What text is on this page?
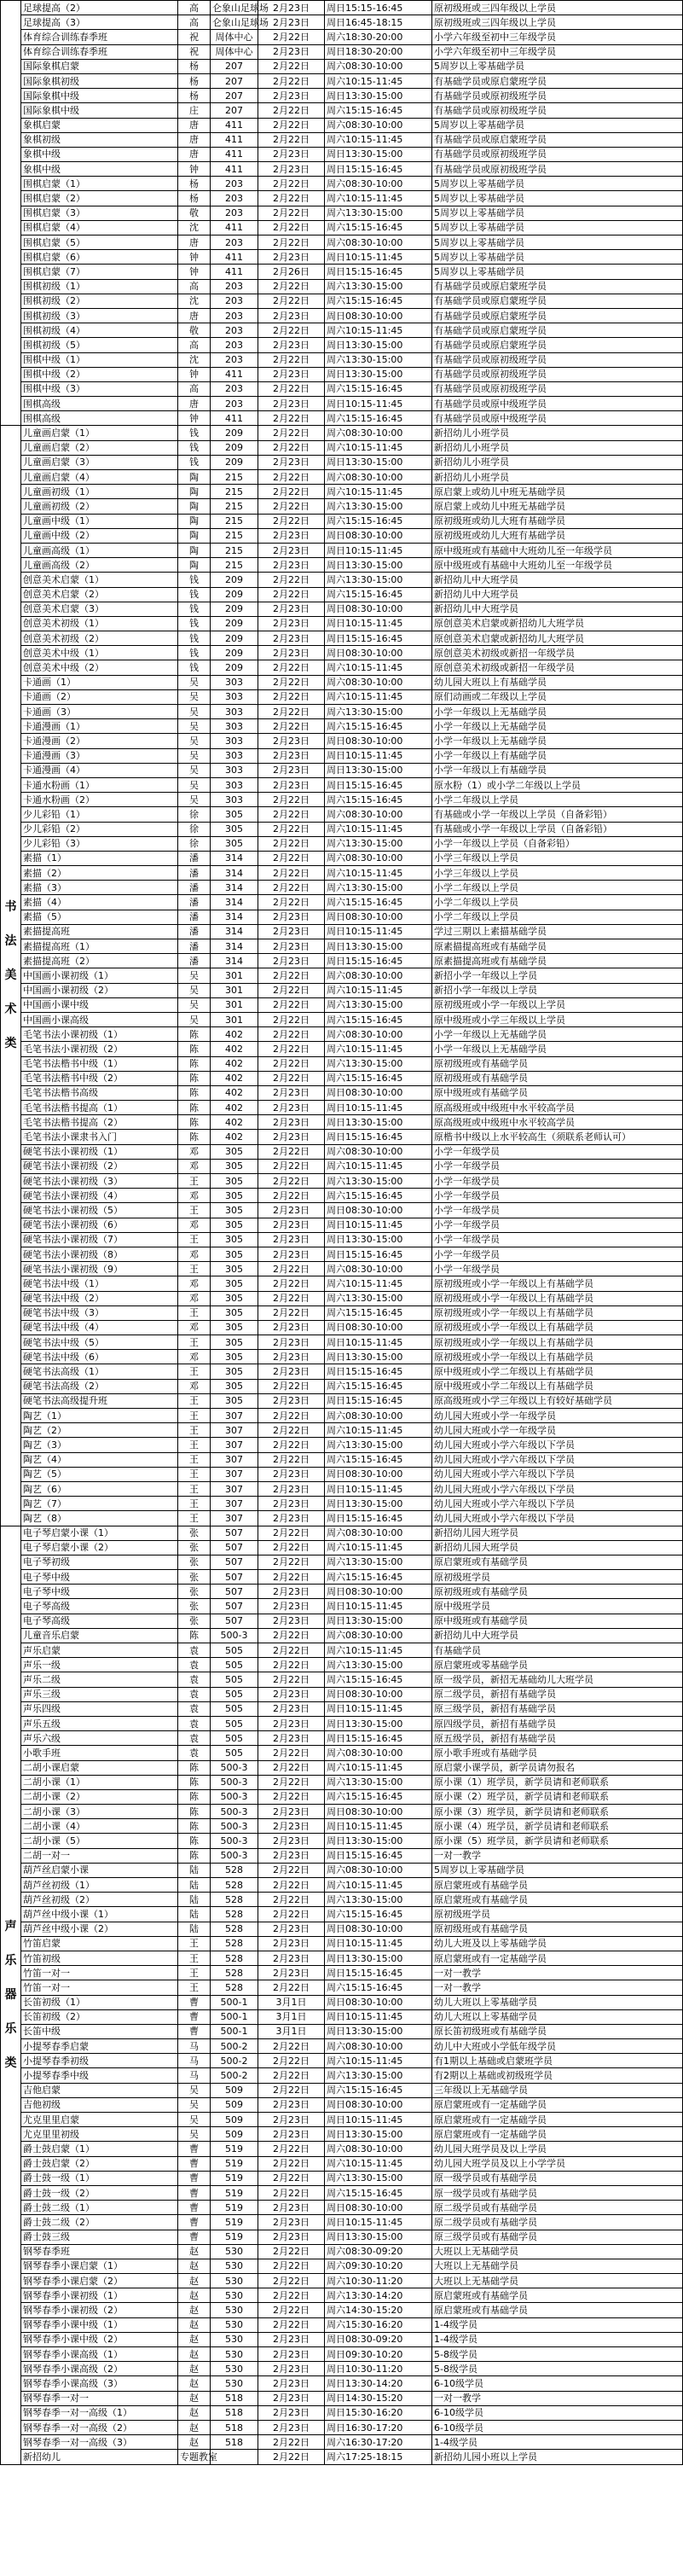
	足球提高（2）	高	仑象山足球场	2月23日	周日15:15-16:45	原初级班或三四年级以上学员
	足球提高（3）	高	仑象山足球场	2月23日	周日16:45-18:15	原初级班或三四年级以上学员
	体育综合训练春季班	祝	周体中心	2月22日	周六18:30-20:00	小学六年级至初中三年级学员
	体育综合训练春季班	祝	周体中心	2月23日	周日18:30-20:00	小学六年级至初中三年级学员
	国际象棋启蒙	杨	207	2月22日	周六08:30-10:00	5周岁以上零基础学员
	国际象棋初级	杨	207	2月22日	周六10:15-11:45	有基础学员或原启蒙班学员
	国际象棋中级	杨	207	2月23日	周日13:30-15:00	有基础学员或原初级班学员
	国际象棋中级	庄	207	2月22日	周六15:15-16:45	有基础学员或原初级班学员
	象棋启蒙	唐	411	2月22日	周六08:30-10:00	5周岁以上零基础学员
	象棋初级	唐	411	2月22日	周六10:15-11:45	有基础学员或原启蒙班学员
	象棋中级	唐	411	2月23日	周日13:30-15:00	有基础学员或原初级班学员
	象棋中级	钟	411	2月23日	周日15:15-16:45	有基础学员或原初级班学员
	围棋启蒙（1）	杨	203	2月22日	周六08:30-10:00	5周岁以上零基础学员
	围棋启蒙（2）	杨	203	2月22日	周六10:15-11:45	5周岁以上零基础学员
	围棋启蒙（3）	敬	203	2月22日	周六13:30-15:00	5周岁以上零基础学员
	围棋启蒙（4）	沈	411	2月22日	周六15:15-16:45	5周岁以上零基础学员
	围棋启蒙（5）	唐	203	2月22日	周六08:30-10:00	5周岁以上零基础学员
	围棋启蒙（6）	钟	411	2月23日	周日10:15-11:45	5周岁以上零基础学员
	围棋启蒙（7）	钟	411	2月26日	周日15:15-16:45	5周岁以上零基础学员
	围棋初级（1）	高	203	2月22日	周六13:30-15:00	有基础学员或原启蒙班学员
	围棋初级（2）	沈	203	2月22日	周六15:15-16:45	有基础学员或原启蒙班学员
	围棋初级（3）	唐	203	2月23日	周日08:30-10:00	有基础学员或原启蒙班学员
	围棋初级（4）	敬	203	2月22日	周六10:15-11:45	有基础学员或原启蒙班学员
	围棋初级（5）	高	203	2月23日	周日13:30-15:00	有基础学员或原启蒙班学员
	围棋中级（1）	沈	203	2月22日	周六13:30-15:00	有基础学员或原初级班学员
	围棋中级（2）	钟	411	2月23日	周日13:30-15:00	有基础学员或原初级班学员
	围棋中级（3）	高	203	2月22日	周六15:15-16:45	有基础学员或原初级班学员
	围棋高级	唐	203	2月23日	周日10:15-11:45	有基础学员或原中级班学员
	围棋高级	钟	411	2月22日	周六15:15-16:45	有基础学员或原中级班学员

书
法
美
术
类	儿童画启蒙（1）	钱	209	2月22日	周六08:30-10:00	新招幼儿小班学员
	儿童画启蒙（2）	钱	209	2月22日	周六10:15-11:45	新招幼儿小班学员
	儿童画启蒙（3）	钱	209	2月23日	周日13:30-15:00	新招幼儿小班学员
	儿童画启蒙（4）	陶	215	2月22日	周六08:30-10:00	新招幼儿小班学员
	儿童画初级（1）	陶	215	2月22日	周六10:15-11:45	原启蒙上或幼儿中班无基础学员
	儿童画初级（2）	陶	215	2月22日	周六13:30-15:00	原启蒙上或幼儿中班无基础学员
	儿童画中级（1）	陶	215	2月22日	周六15:15-16:45	原初级班或幼儿大班有基础学员
	儿童画中级（2）	陶	215	2月23日	周日08:30-10:00	原初级班或幼儿大班有基础学员
	儿童画高级（1）	陶	215	2月23日	周日10:15-11:45	原中级班或有基础中大班幼儿至一年级学员
	儿童画高级（2）	陶	215	2月23日	周日13:30-15:00	原中级班或有基础中大班幼儿至一年级学员
	创意美术启蒙（1）	钱	209	2月22日	周六13:30-15:00	新招幼儿中大班学员
	创意美术启蒙（2）	钱	209	2月22日	周六15:15-16:45	新招幼儿中大班学员
	创意美术启蒙（3）	钱	209	2月23日	周日08:30-10:00	新招幼儿中大班学员
	创意美术初级（1）	钱	209	2月23日	周日10:15-11:45	原创意美术启蒙或新招幼儿大班学员
	创意美术初级（2）	钱	209	2月23日	周日15:15-16:45	原创意美术启蒙或新招幼儿大班学员
	创意美术中级（1）	钱	209	2月23日	周日08:30-10:00	原创意美术初级或新招一年级学员
	创意美术中级（2）	钱	209	2月22日	周六10:15-11:45	原创意美术初级或新招一年级学员
	卡通画（1）	吴	303	2月22日	周六08:30-10:00	幼儿园大班以上有基础学员
	卡通画（2）	吴	303	2月22日	周六10:15-11:45	原们动画或二年级以上学员
	卡通画（3）	吴	303	2月22日	周六13:30-15:00	小学一年级以上无基础学员
	卡通漫画（1）	吴	303	2月22日	周六15:15-16:45	小学一年级以上无基础学员
	卡通漫画（2）	吴	303	2月23日	周日08:30-10:00	小学一年级以上无基础学员
	卡通漫画（3）	吴	303	2月23日	周日10:15-11:45	小学一年级以上有基础学员
	卡通漫画（4）	吴	303	2月23日	周日13:30-15:00	小学一年级以上有基础学员
	卡通水粉画（1）	吴	303	2月23日	周日15:15-16:45	原水粉（1）或小学二年级以上学员
	卡通水粉画（2）	吴	303	2月22日	周六15:15-16:45	小学二年级以上学员
	少儿彩铅（1）	徐	305	2月22日	周六08:30-10:00	有基础或小学一年级以上学员（自备彩铅）
	少儿彩铅（2）	徐	305	2月22日	周六10:15-11:45	有基础或小学一年级以上学员（自备彩铅）
	少儿彩铅（3）	徐	305	2月22日	周六13:30-15:00	小学一年级以上学员（自备彩铅）
	素描（1）	潘	314	2月22日	周六08:30-10:00	小学三年级以上学员
	素描（2）	潘	314	2月22日	周六10:15-11:45	小学三年级以上学员
	素描（3）	潘	314	2月22日	周六13:30-15:00	小学二年级以上学员
	素描（4）	潘	314	2月22日	周六15:15-16:45	小学二年级以上学员
	素描（5）	潘	314	2月23日	周日08:30-10:00	小学二年级以上学员
	素描提高班	潘	314	2月23日	周日10:15-11:45	学过三期以上素描基础学员
	素描提高班（1）	潘	314	2月23日	周日13:30-15:00	原素描提高班或有基础学员
	素描提高班（2）	潘	314	2月23日	周日15:15-16:45	原素描提高班或有基础学员
	中国画小课初级（1）	吴	301	2月22日	周六08:30-10:00	新招小学一年级以上学员
	中国画小课初级（2）	吴	301	2月22日	周六10:15-11:45	新招小学一年级以上学员
	中国画小课中级	吴	301	2月22日	周六13:30-15:00	原初级班或小学一年级以上学员
	中国画小课高级	吴	301	2月22日	周六15:15-16:45	原中级班或小学三年级以上学员
	毛笔书法小课初级（1）	陈	402	2月22日	周六08:30-10:00	小学一年级以上无基础学员
	毛笔书法小课初级（2）	陈	402	2月22日	周六10:15-11:45	小学一年级以上无基础学员
	毛笔书法楷书中级（1）	陈	402	2月22日	周六13:30-15:00	原初级班或有基础学员
	毛笔书法楷书中级（2）	陈	402	2月22日	周六15:15-16:45	原初级班或有基础学员
	毛笔书法楷书高级	陈	402	2月23日	周日08:30-10:00	原中级班或有基础学员
	毛笔书法楷书提高（1）	陈	402	2月23日	周日10:15-11:45	原高级班或中级班中水平较高学员
	毛笔书法楷书提高（2）	陈	402	2月23日	周日13:30-15:00	原高级班或中级班中水平较高学员
	毛笔书法小课隶书入门	陈	402	2月23日	周日15:15-16:45	原楷书中级以上水平较高生（须联系老师认可）
	硬笔书法小课初级（1）	邓	305	2月22日	周六08:30-10:00	小学一年级学员
	硬笔书法小课初级（2）	邓	305	2月22日	周六10:15-11:45	小学一年级学员
	硬笔书法小课初级（3）	王	305	2月22日	周六13:30-15:00	小学一年级学员
	硬笔书法小课初级（4）	邓	305	2月22日	周六15:15-16:45	小学一年级学员
	硬笔书法小课初级（5）	王	305	2月23日	周日08:30-10:00	小学一年级学员
	硬笔书法小课初级（6）	邓	305	2月23日	周日10:15-11:45	小学一年级学员
	硬笔书法小课初级（7）	王	305	2月23日	周日13:30-15:00	小学一年级学员
	硬笔书法小课初级（8）	邓	305	2月23日	周日15:15-16:45	小学一年级学员
	硬笔书法小课初级（9）	王	305	2月22日	周六08:30-10:00	小学一年级学员
	硬笔书法中级（1）	邓	305	2月22日	周六10:15-11:45	原初级班或小学一年级以上有基础学员
	硬笔书法中级（2）	邓	305	2月22日	周六13:30-15:00	原初级班或小学一年级以上有基础学员
	硬笔书法中级（3）	王	305	2月22日	周六15:15-16:45	原初级班或小学一年级以上有基础学员
	硬笔书法中级（4）	邓	305	2月23日	周日08:30-10:00	原初级班或小学一年级以上有基础学员
	硬笔书法中级（5）	王	305	2月23日	周日10:15-11:45	原初级班或小学一年级以上有基础学员
	硬笔书法中级（6）	邓	305	2月23日	周日13:30-15:00	原初级班或小学一年级以上有基础学员
	硬笔书法高级（1）	王	305	2月23日	周日15:15-16:45	原中级班或小学二年级以上有基础学员
	硬笔书法高级（2）	邓	305	2月22日	周六15:15-16:45	原中级班或小学二年级以上有基础学员
	硬笔书法高级提升班	王	305	2月23日	周日15:15-16:45	原高级班或小学三年级以上有较好基础学员
	陶艺（1）	王	307	2月22日	周六08:30-10:00	幼儿园大班或小学一年级学员
	陶艺（2）	王	307	2月22日	周六10:15-11:45	幼儿园大班或小学一年级学员
	陶艺（3）	王	307	2月22日	周六13:30-15:00	幼儿园大班或小学六年级以下学员
	陶艺（4）	王	307	2月22日	周六15:15-16:45	幼儿园大班或小学六年级以下学员
	陶艺（5）	王	307	2月23日	周日08:30-10:00	幼儿园大班或小学六年级以下学员
	陶艺（6）	王	307	2月23日	周日10:15-11:45	幼儿园大班或小学六年级以下学员
	陶艺（7）	王	307	2月23日	周日13:30-15:00	幼儿园大班或小学六年级以下学员
	陶艺（8）	王	307	2月23日	周日15:15-16:45	幼儿园大班或小学六年级以下学员

声
乐
器
乐
类	电子琴启蒙小课（1）	张	507	2月22日	周六08:30-10:00	新招幼儿园大班学员
	电子琴启蒙小课（2）	张	507	2月22日	周六10:15-11:45	新招幼儿园大班学员
	电子琴初级	张	507	2月22日	周六13:30-15:00	原启蒙班或有基础学员
	电子琴中级	张	507	2月22日	周六15:15-16:45	原初级班学员
	电子琴中级	张	507	2月23日	周日08:30-10:00	原初级班或有基础学员
	电子琴高级	张	507	2月23日	周日10:15-11:45	原中级班学员
	电子琴高级	张	507	2月23日	周日13:30-15:00	原中级班或有基础学员
	儿童音乐启蒙	陈	500-3	2月22日	周六08:30-10:00	新招幼儿中大班学员
	声乐启蒙	袁	505	2月22日	周六10:15-11:45	有基础学员
	声乐一级	袁	505	2月22日	周六13:30-15:00	原启蒙班或零基础学员
	声乐二级	袁	505	2月22日	周六15:15-16:45	原一级学员，新招无基础幼儿大班学员
	声乐三级	袁	505	2月23日	周日08:30-10:00	原二级学员，新招有基础学员
	声乐四级	袁	505	2月23日	周日10:15-11:45	原三级学员，新招有基础学员
	声乐五级	袁	505	2月23日	周日13:30-15:00	原四级学员，新招有基础学员
	声乐六级	袁	505	2月23日	周日15:15-16:45	原五级学员，新招有基础学员
	小歌手班	袁	505	2月22日	周六08:30-10:00	原小歌手班或有基础学员
	二胡小课启蒙	陈	500-3	2月22日	周六10:15-11:45	原启蒙小课学员，新学员请勿报名
	二胡小课（1）	陈	500-3	2月22日	周六13:30-15:00	原小课（1）班学员，新学员请和老师联系
	二胡小课（2）	陈	500-3	2月22日	周六15:15-16:45	原小课（2）班学员，新学员请和老师联系
	二胡小课（3）	陈	500-3	2月23日	周日08:30-10:00	原小课（3）班学员，新学员请和老师联系
	二胡小课（4）	陈	500-3	2月23日	周日10:15-11:45	原小课（4）班学员，新学员请和老师联系
	二胡小课（5）	陈	500-3	2月23日	周日13:30-15:00	原小课（5）班学员，新学员请和老师联系
	二胡一对一	陈	500-3	2月23日	周日15:15-16:45	一对一教学
	葫芦丝启蒙小课	陆	528	2月22日	周六08:30-10:00	5周岁以上零基础学员
	葫芦丝初级（1）	陆	528	2月22日	周六10:15-11:45	原启蒙班或有基础学员
	葫芦丝初级（2）	陆	528	2月22日	周六13:30-15:00	原启蒙班或有基础学员
	葫芦丝中级小课（1）	陆	528	2月22日	周六15:15-16:45	原初级班学员
	葫芦丝中级小课（2）	陆	528	2月23日	周日08:30-10:00	原初级班或有基础学员
	竹笛启蒙	王	528	2月23日	周日10:15-11:45	幼儿大班及以上零基础学员
	竹笛初级	王	528	2月23日	周日13:30-15:00	原启蒙班或有一定基础学员
	竹笛一对一	王	528	2月23日	周日15:15-16:45	一对一教学
	竹笛一对一	王	528	2月22日	周六15:15-16:45	一对一教学
	长笛初级（1）	曹	500-1	3月1日	周日08:30-10:00	幼儿大班以上零基础学员
	长笛初级（2）	曹	500-1	3月1日	周日10:15-11:45	幼儿大班以上零基础学员
	长笛中级	曹	500-1	3月1日	周日13:30-15:00	原长笛初级班或有基础学员
	小提琴春季启蒙	马	500-2	2月22日	周六08:30-10:00	幼儿中大班或小学低年级学员
	小提琴春季初级	马	500-2	2月22日	周六10:15-11:45	有1期以上基础或启蒙班学员
	小提琴春季中级	马	500-2	2月22日	周六13:30-15:00	有2期以上基础或初级班学员
	吉他启蒙	吴	509	2月22日	周六15:15-16:45	三年级以上无基础学员
	吉他初级	吴	509	2月23日	周日08:30-10:00	原启蒙班或有一定基础学员
	尤克里里启蒙	吴	509	2月23日	周日10:15-11:45	原启蒙班或有一定基础学员
	尤克里里初级	吴	509	2月23日	周日13:30-15:00	原启蒙班或有一定基础学员
	爵士鼓启蒙（1）	曹	519	2月22日	周六08:30-10:00	幼儿园大班学员及以上学员
	爵士鼓启蒙（2）	曹	519	2月22日	周六10:15-11:45	幼儿园大班学员及以上小学学员
	爵士鼓一级（1）	曹	519	2月22日	周六13:30-15:00	原一级学员或有基础学员
	爵士鼓一级（2）	曹	519	2月22日	周六15:15-16:45	原一级学员或有基础学员
	爵士鼓二级（1）	曹	519	2月23日	周日08:30-10:00	原二级学员或有基础学员
	爵士鼓二级（2）	曹	519	2月23日	周日10:15-11:45	原二级学员或有基础学员
	爵士鼓三级	曹	519	2月23日	周日13:30-15:00	原三级学员或有基础学员
	钢琴春季班	赵	530	2月22日	周六08:30-09:20	大班以上无基础学员
	钢琴春季小课启蒙（1）	赵	530	2月22日	周六09:30-10:20	大班以上无基础学员
	钢琴春季小课启蒙（2）	赵	530	2月22日	周六10:30-11:20	大班以上无基础学员
	钢琴春季小课初级（1）	赵	530	2月22日	周六13:30-14:20	原启蒙班或有基础学员
	钢琴春季小课初级（2）	赵	530	2月22日	周六14:30-15:20	原启蒙班或有基础学员
	钢琴春季小课中级（1）	赵	530	2月22日	周六15:30-16:20	1-4级学员
	钢琴春季小课中级（2）	赵	530	2月23日	周日08:30-09:20	1-4级学员
	钢琴春季小课高级（1）	赵	530	2月23日	周日09:30-10:20	5-8级学员
	钢琴春季小课高级（2）	赵	530	2月23日	周日10:30-11:20	5-8级学员
	钢琴春季小课高级（3）	赵	530	2月23日	周日13:30-14:20	6-10级学员
	钢琴春季一对一	赵	518	2月23日	周日14:30-15:20	一对一教学
	钢琴春季一对一高级（1）	赵	518	2月23日	周日15:30-16:20	6-10级学员
	钢琴春季一对一高级（2）	赵	518	2月23日	周日16:30-17:20	6-10级学员
	钢琴春季一对一高级（3）	赵	518	2月22日	周六16:30-17:20	1-4级学员
	新招幼儿	专题教室		2月22日	周六17:25-18:15	新招幼儿园小班以上学员
